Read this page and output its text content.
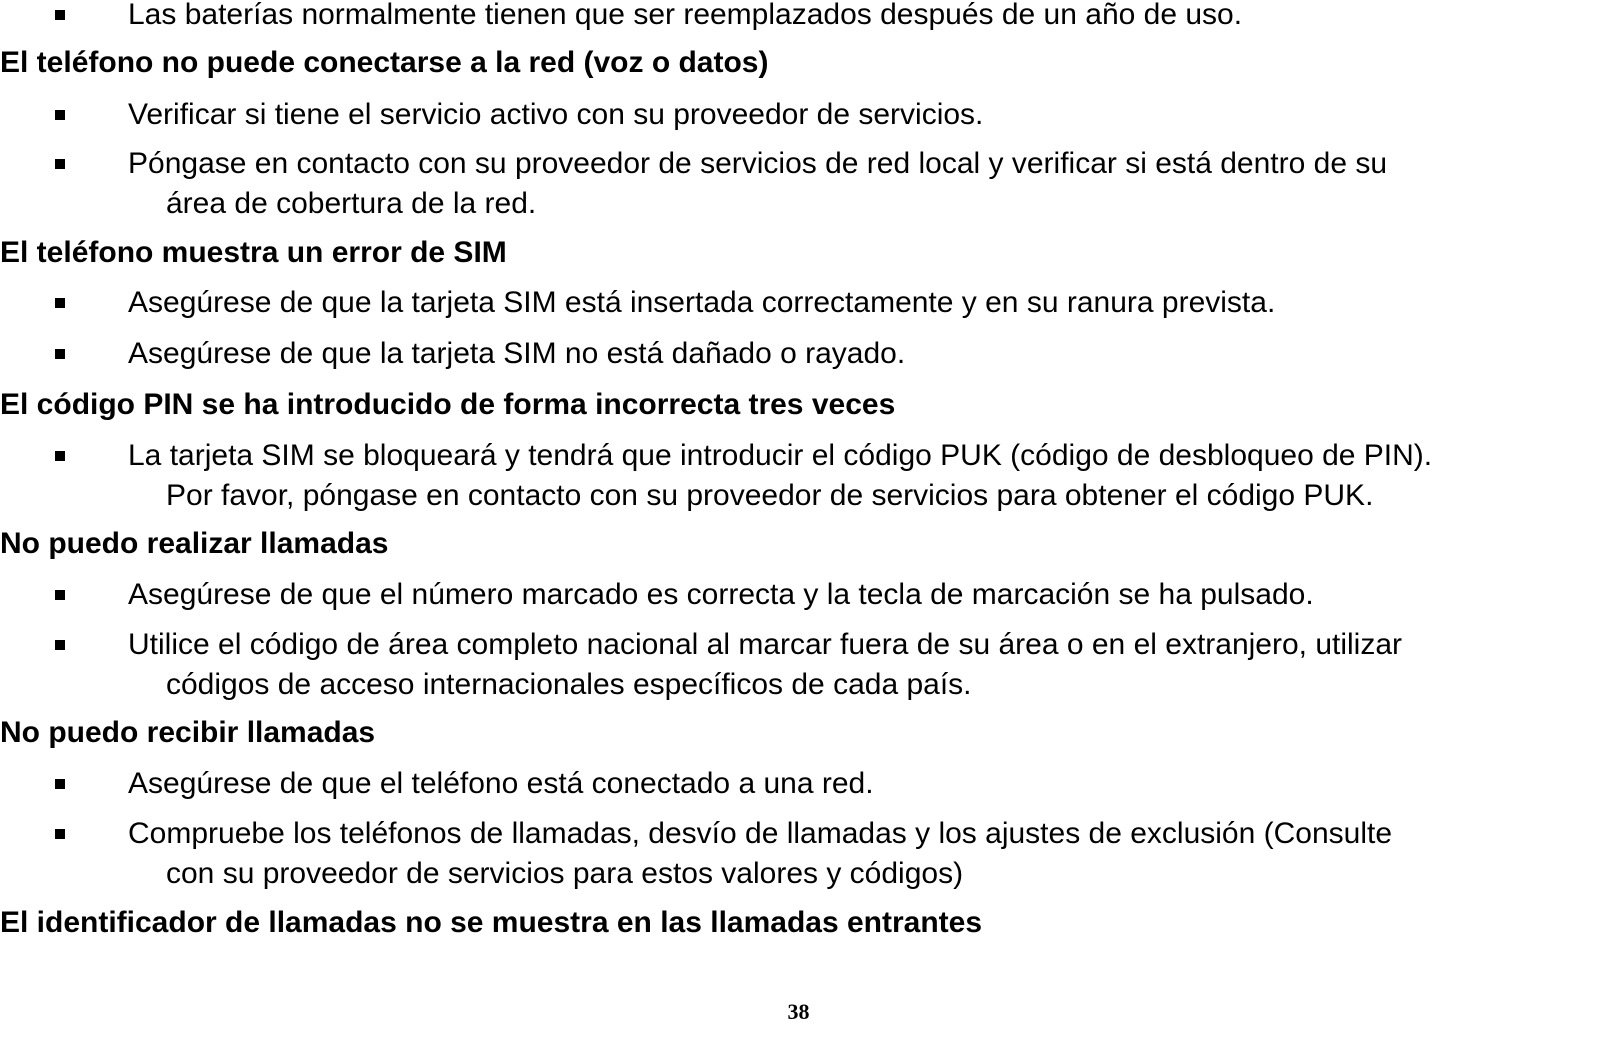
Las baterías normalmente tienen que ser reemplazados después de un año de uso.
El teléfono no puede conectarse a la red (voz o datos)
Verificar si tiene el servicio activo con su proveedor de servicios.
Póngase en contacto con su proveedor de servicios de red local y verificar si está dentro de su
área de cobertura de la red.
El teléfono muestra un error de SIM
Asegúrese de que la tarjeta SIM está insertada correctamente y en su ranura prevista.
Asegúrese de que la tarjeta SIM no está dañado o rayado.
El código PIN se ha introducido de forma incorrecta tres veces
La tarjeta SIM se bloqueará y tendrá que introducir el código PUK (código de desbloqueo de PIN).
Por favor, póngase en contacto con su proveedor de servicios para obtener el código PUK.
No puedo realizar llamadas
Asegúrese de que el número marcado es correcta y la tecla de marcación se ha pulsado.
Utilice el código de área completo nacional al marcar fuera de su área o en el extranjero, utilizar
códigos de acceso internacionales específicos de cada país.
No puedo recibir llamadas
Asegúrese de que el teléfono está conectado a una red.
Compruebe los teléfonos de llamadas, desvío de llamadas y los ajustes de exclusión (Consulte
con su proveedor de servicios para estos valores y códigos)
El identificador de llamadas no se muestra en las llamadas entrantes
38
